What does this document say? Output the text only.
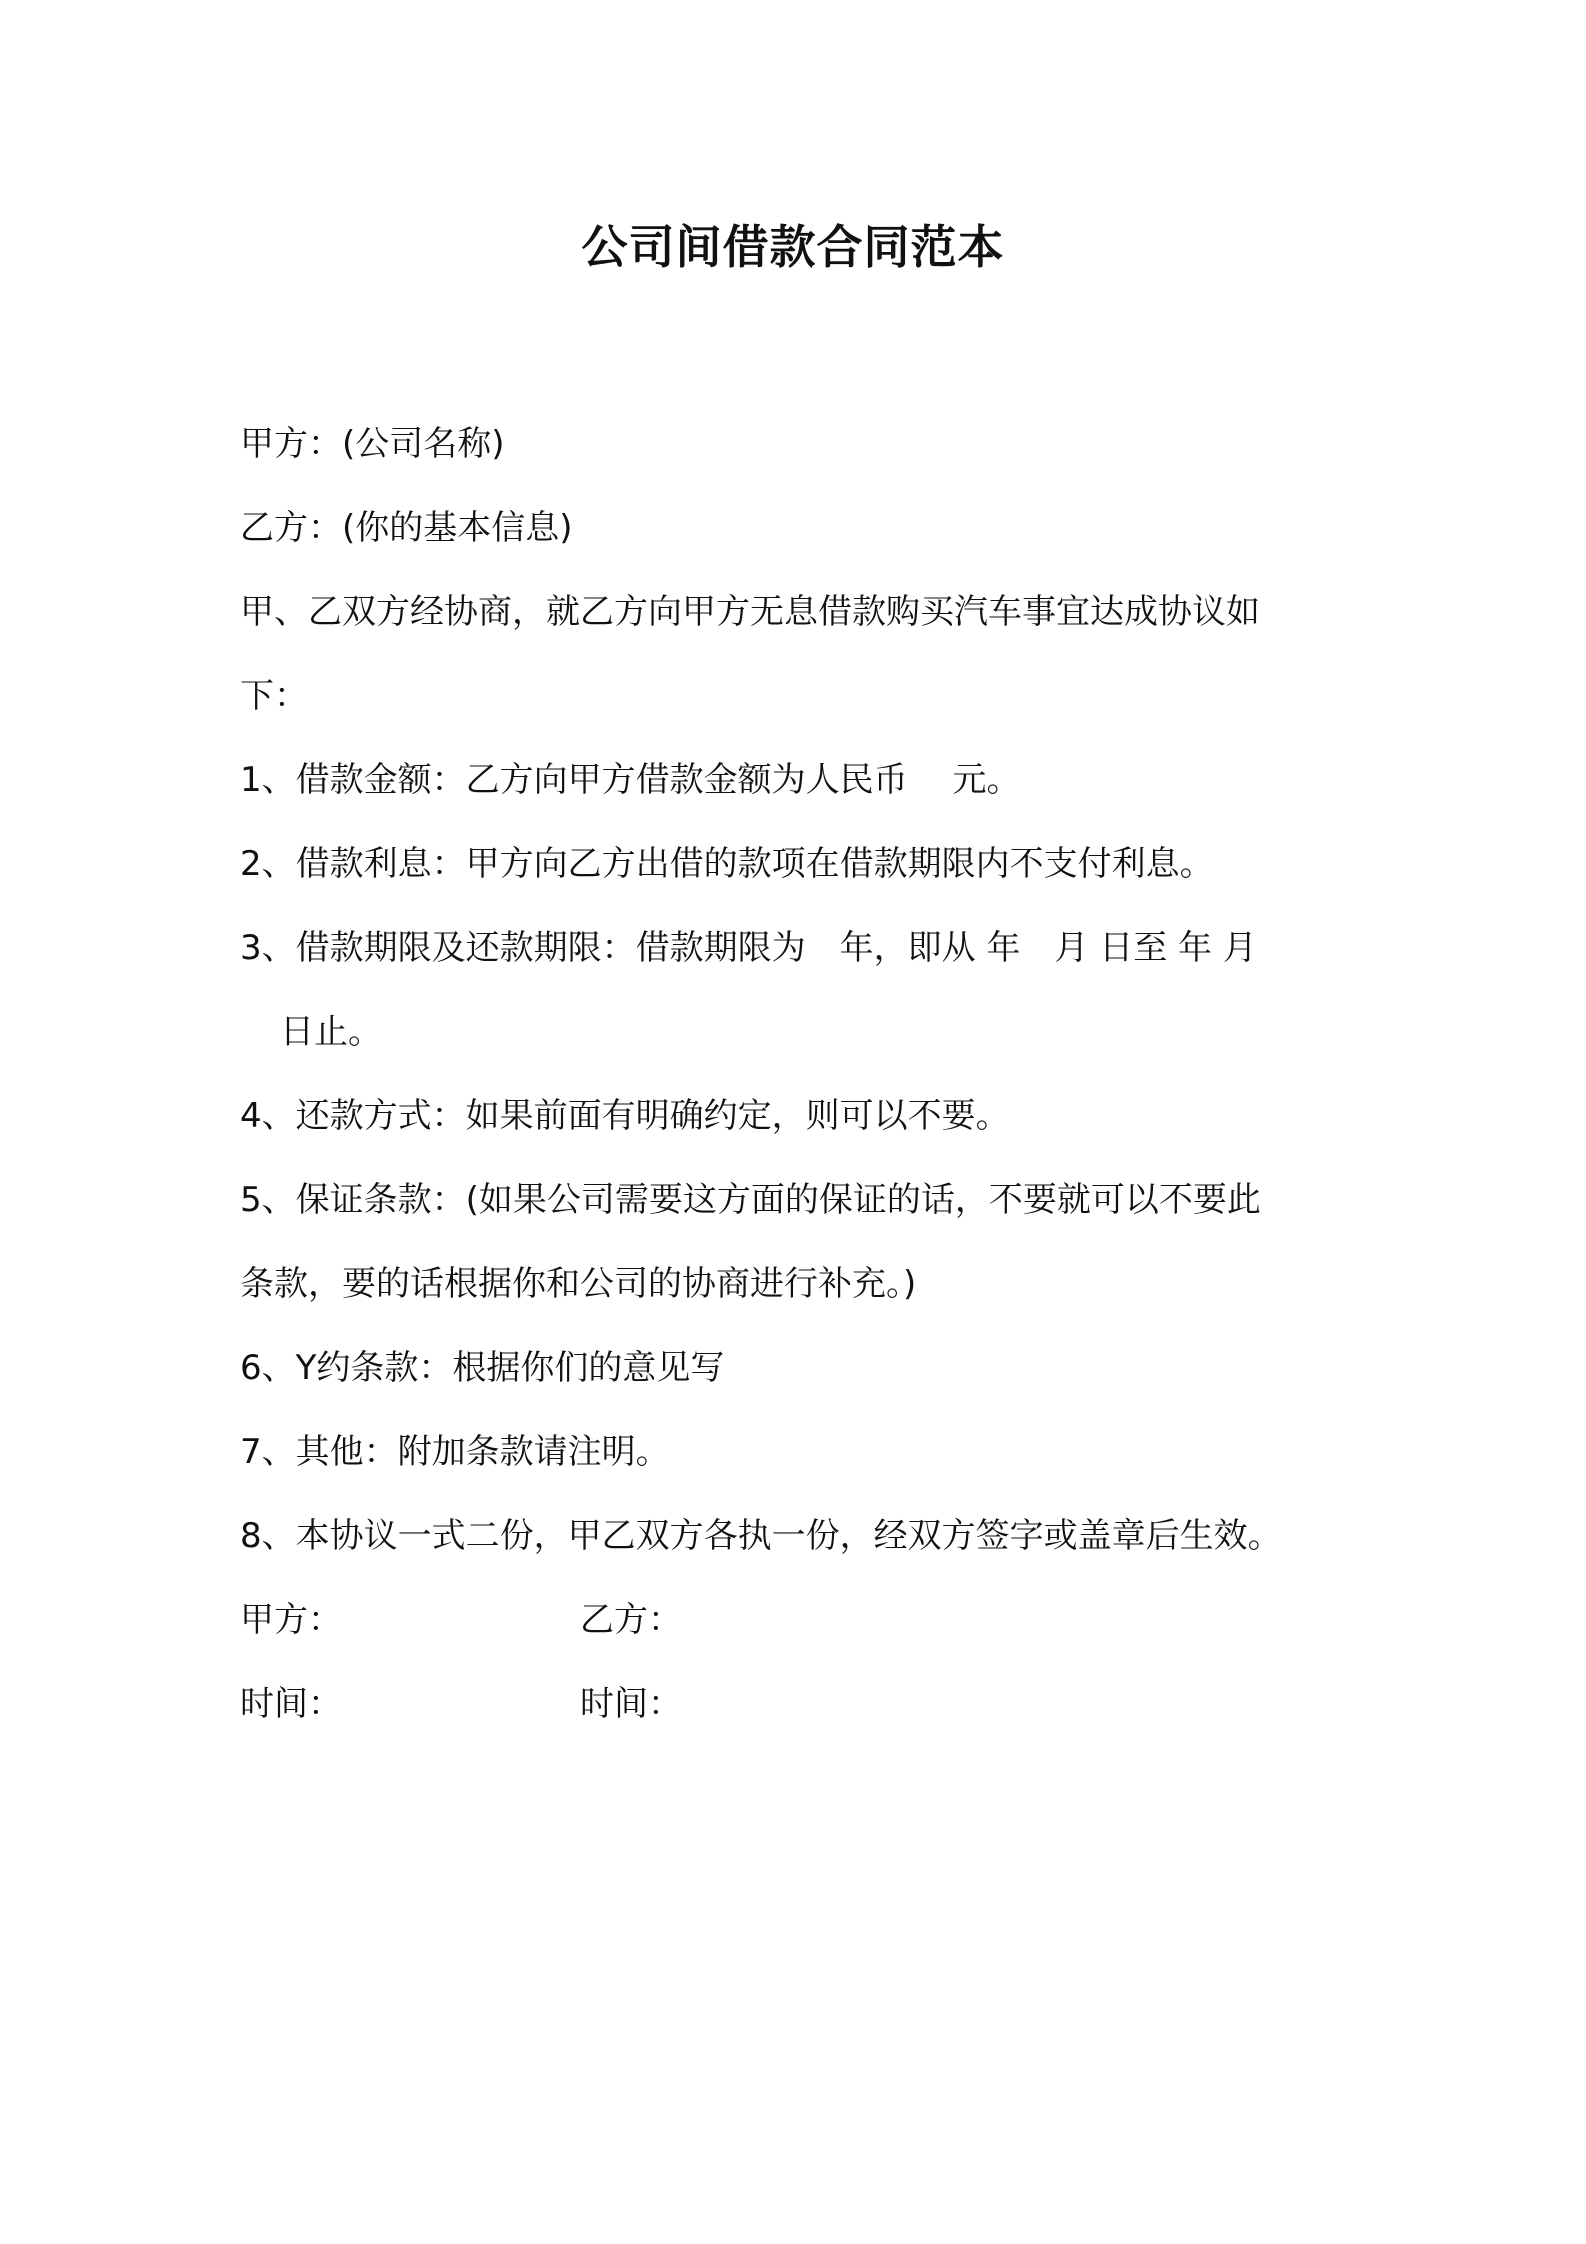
公司间借款合同范本
甲方：(公司名称)
乙方：(你的基本信息)
甲、乙双方经协商，就乙方向甲方无息借款购买汽车事宜达成协议如
下：
1、借款金额：乙方向甲方借款金额为人民币　 元。
2、借款利息：甲方向乙方出借的款项在借款期限内不支付利息。
3、借款期限及还款期限：借款期限为　年，即从 年　月 日至 年 月
日止。
4、还款方式：如果前面有明确约定，则可以不要。
5、保证条款：(如果公司需要这方面的保证的话，不要就可以不要此
条款，要的话根据你和公司的协商进行补充。)
6、Y约条款：根据你们的意见写
7、其他：附加条款请注明。
8、本协议一式二份，甲乙双方各执一份，经双方签字或盖章后生效。
甲方：	乙方：
时间：	时间：
